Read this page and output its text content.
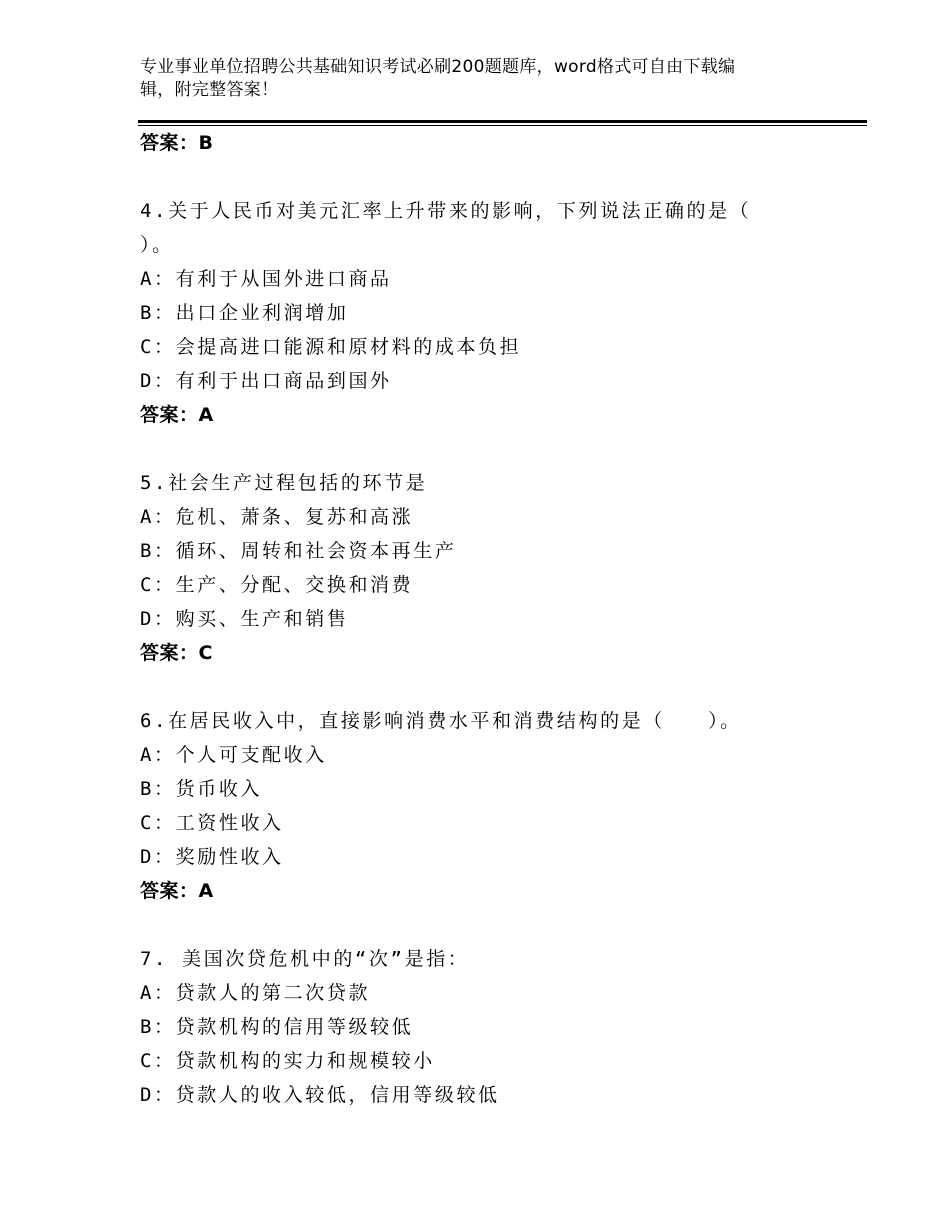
专业事业单位招聘公共基础知识考试必刷200题题库，word格式可自由下载编
辑，附完整答案！
答案：B
4.关于人民币对美元汇率上升带来的影响，下列说法正确的是（
）。
A：有利于从国外进口商品
B：出口企业利润增加
C：会提高进口能源和原材料的成本负担
D：有利于出口商品到国外
答案：A
5.社会生产过程包括的环节是
A：危机、萧条、复苏和高涨
B：循环、周转和社会资本再生产
C：生产、分配、交换和消费
D：购买、生产和销售
答案：C
6.在居民收入中，直接影响消费水平和消费结构的是（　　）。
A：个人可支配收入
B：货币收入
C：工资性收入
D：奖励性收入
答案：A
7. 美国次贷危机中的“次”是指：
A：贷款人的第二次贷款
B：贷款机构的信用等级较低
C：贷款机构的实力和规模较小
D：贷款人的收入较低，信用等级较低
